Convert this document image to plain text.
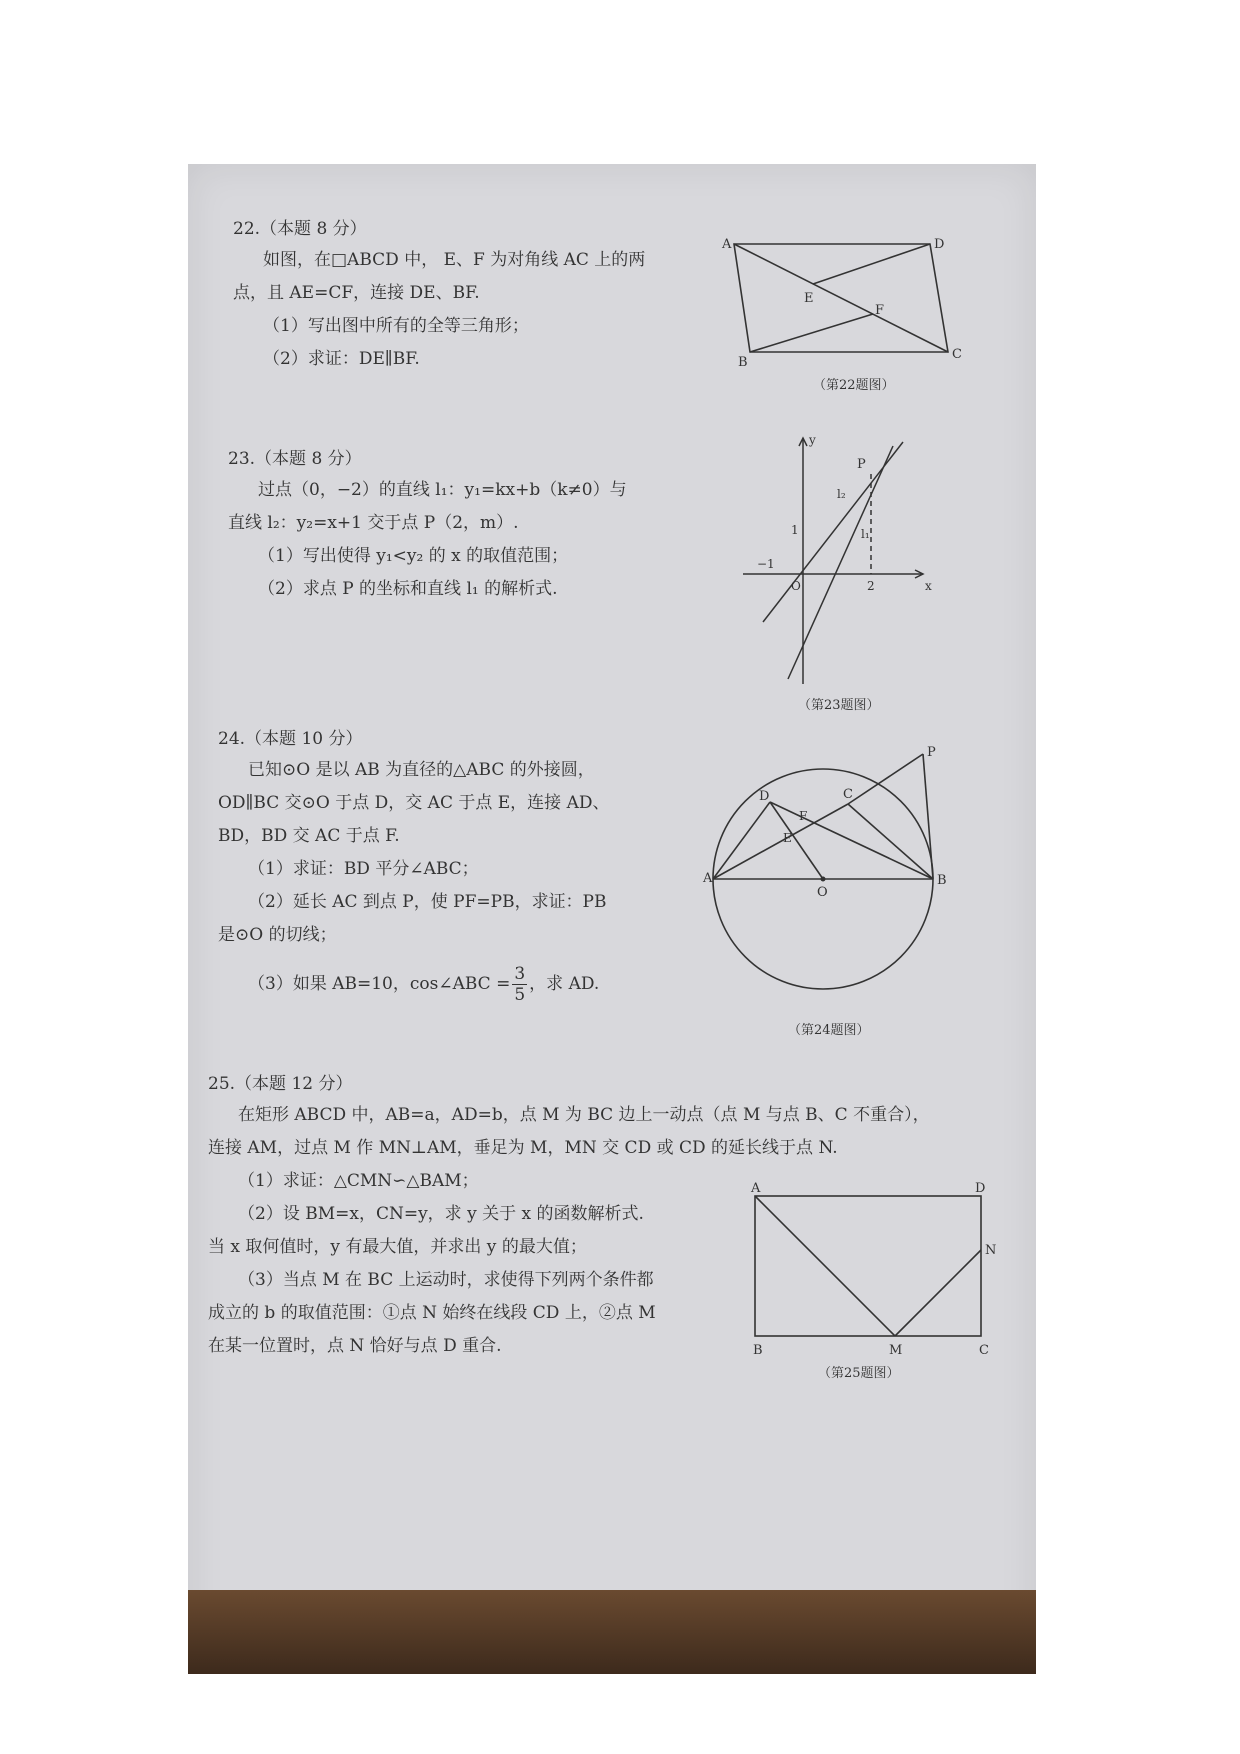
22.（本题 8 分）
如图，在□ABCD 中， E、F 为对角线 AC 上的两
点，且 AE=CF，连接 DE、BF.
（1）写出图中所有的全等三角形；
（2）求证：DE∥BF.
A	D
E
F
B
C
（第22题图）
23.（本题 8 分）
过点（0，−2）的直线 l₁：y₁=kx+b（k≠0）与
直线 l₂：y₂=x+1 交于点 P（2，m）.
（1）写出使得 y₁<y₂ 的 x 的取值范围；
（2）求点 P 的坐标和直线 l₁ 的解析式.
y
x
P
l₂
l₁
1
−1
O	2
（第23题图）
24.（本题 10 分）
已知⊙O 是以 AB 为直径的△ABC 的外接圆，
OD∥BC 交⊙O 于点 D，交 AC 于点 E，连接 AD、
BD，BD 交 AC 于点 F.
（1）求证：BD 平分∠ABC；
（2）延长 AC 到点 P，使 PF=PB，求证：PB
是⊙O 的切线；
（3）如果 AB=10，cos∠ABC = $\frac{3}{5}$ ，求 AD.
P
C
D
F
E
A
O
B
（第24题图）
25.（本题 12 分）
在矩形 ABCD 中，AB=a，AD=b，点 M 为 BC 边上一动点（点 M 与点 B、C 不重合），
连接 AM，过点 M 作 MN⊥AM，垂足为 M，MN 交 CD 或 CD 的延长线于点 N.
（1）求证：△CMN∽△BAM；
（2）设 BM=x，CN=y，求 y 关于 x 的函数解析式.
当 x 取何值时，y 有最大值，并求出 y 的最大值；
（3）当点 M 在 BC 上运动时，求使得下列两个条件都
成立的 b 的取值范围：①点 N 始终在线段 CD 上，②点 M
在某一位置时，点 N 恰好与点 D 重合.
A	D
N
B	M	C
（第25题图）
